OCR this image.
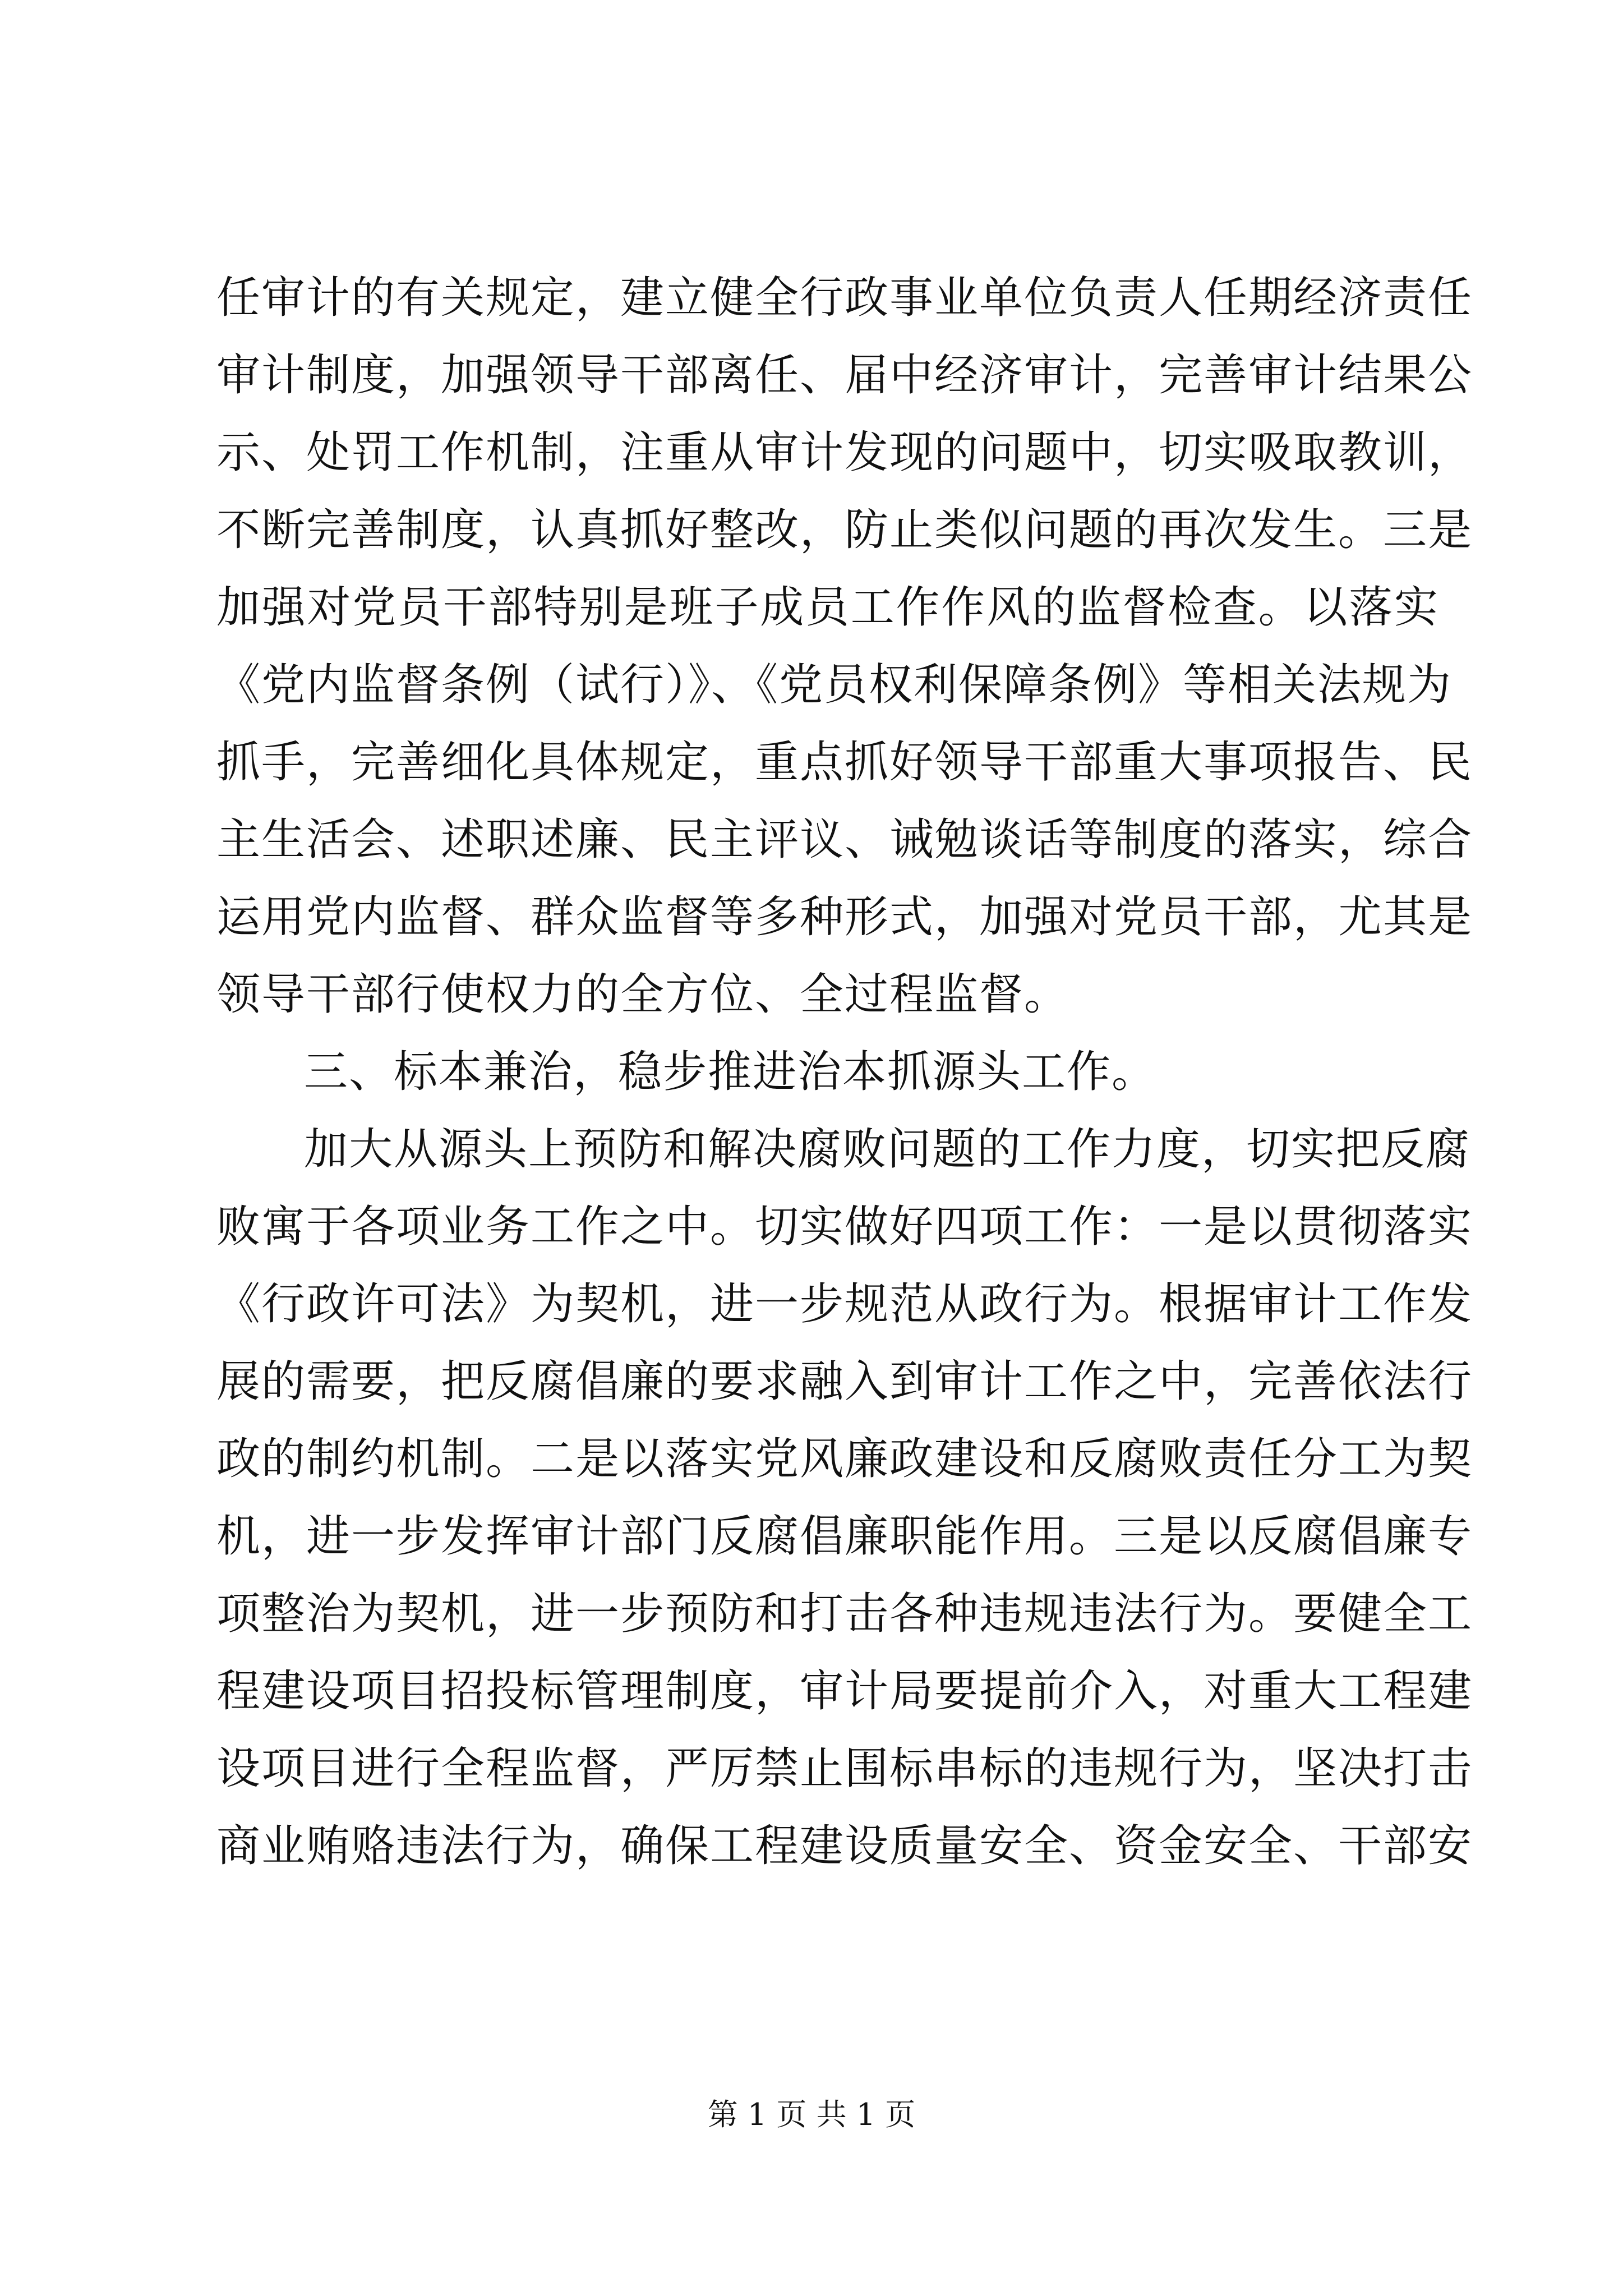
任审计的有关规定，建立健全行政事业单位负责人任期经济责任
审计制度，加强领导干部离任、届中经济审计，完善审计结果公
示、处罚工作机制，注重从审计发现的问题中，切实吸取教训，
不断完善制度，认真抓好整改，防止类似问题的再次发生。三是
加强对党员干部特别是班子成员工作作风的监督检查。以落实
《党内监督条例（试行）》、《党员权利保障条例》等相关法规为
抓手，完善细化具体规定，重点抓好领导干部重大事项报告、民
主生活会、述职述廉、民主评议、诫勉谈话等制度的落实，综合
运用党内监督、群众监督等多种形式，加强对党员干部，尤其是
领导干部行使权力的全方位、全过程监督。
三、标本兼治，稳步推进治本抓源头工作。
加大从源头上预防和解决腐败问题的工作力度，切实把反腐
败寓于各项业务工作之中。切实做好四项工作：一是以贯彻落实
《行政许可法》为契机，进一步规范从政行为。根据审计工作发
展的需要，把反腐倡廉的要求融入到审计工作之中，完善依法行
政的制约机制。二是以落实党风廉政建设和反腐败责任分工为契
机，进一步发挥审计部门反腐倡廉职能作用。三是以反腐倡廉专
项整治为契机，进一步预防和打击各种违规违法行为。要健全工
程建设项目招投标管理制度，审计局要提前介入，对重大工程建
设项目进行全程监督，严厉禁止围标串标的违规行为，坚决打击
商业贿赂违法行为，确保工程建设质量安全、资金安全、干部安
第 1 页 共 1 页
